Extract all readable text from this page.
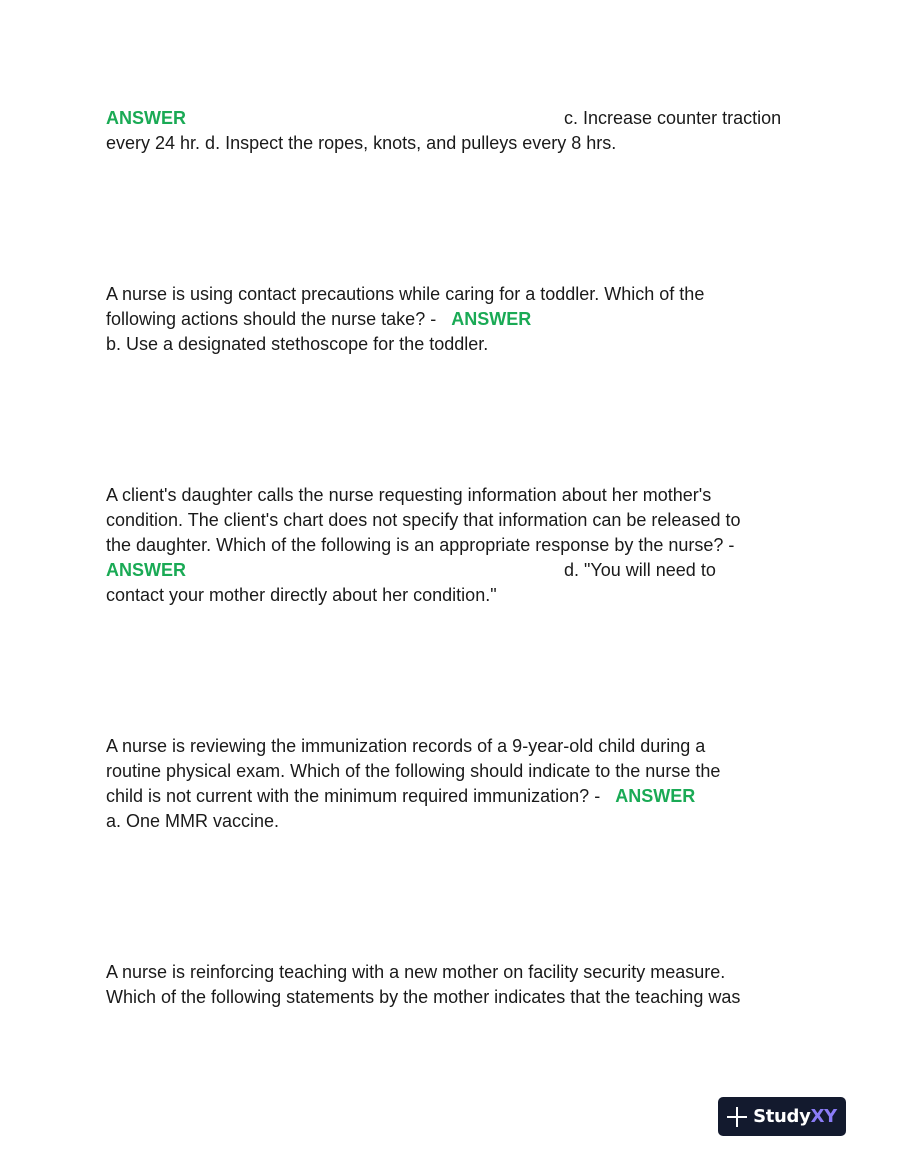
ANSWER	c. Increase counter traction
every 24 hr. d. Inspect the ropes, knots, and pulleys every 8 hrs.
A nurse is using contact precautions while caring for a toddler. Which of the
following actions should the nurse take? - ANSWER
b. Use a designated stethoscope for the toddler.
A client's daughter calls the nurse requesting information about her mother's
condition. The client's chart does not specify that information can be released to
the daughter. Which of the following is an appropriate response by the nurse? -
ANSWER	d. "You will need to
contact your mother directly about her condition."
A nurse is reviewing the immunization records of a 9-year-old child during a
routine physical exam. Which of the following should indicate to the nurse the
child is not current with the minimum required immunization? - ANSWER
a. One MMR vaccine.
A nurse is reinforcing teaching with a new mother on facility security measure.
Which of the following statements by the mother indicates that the teaching was
StudyXY
